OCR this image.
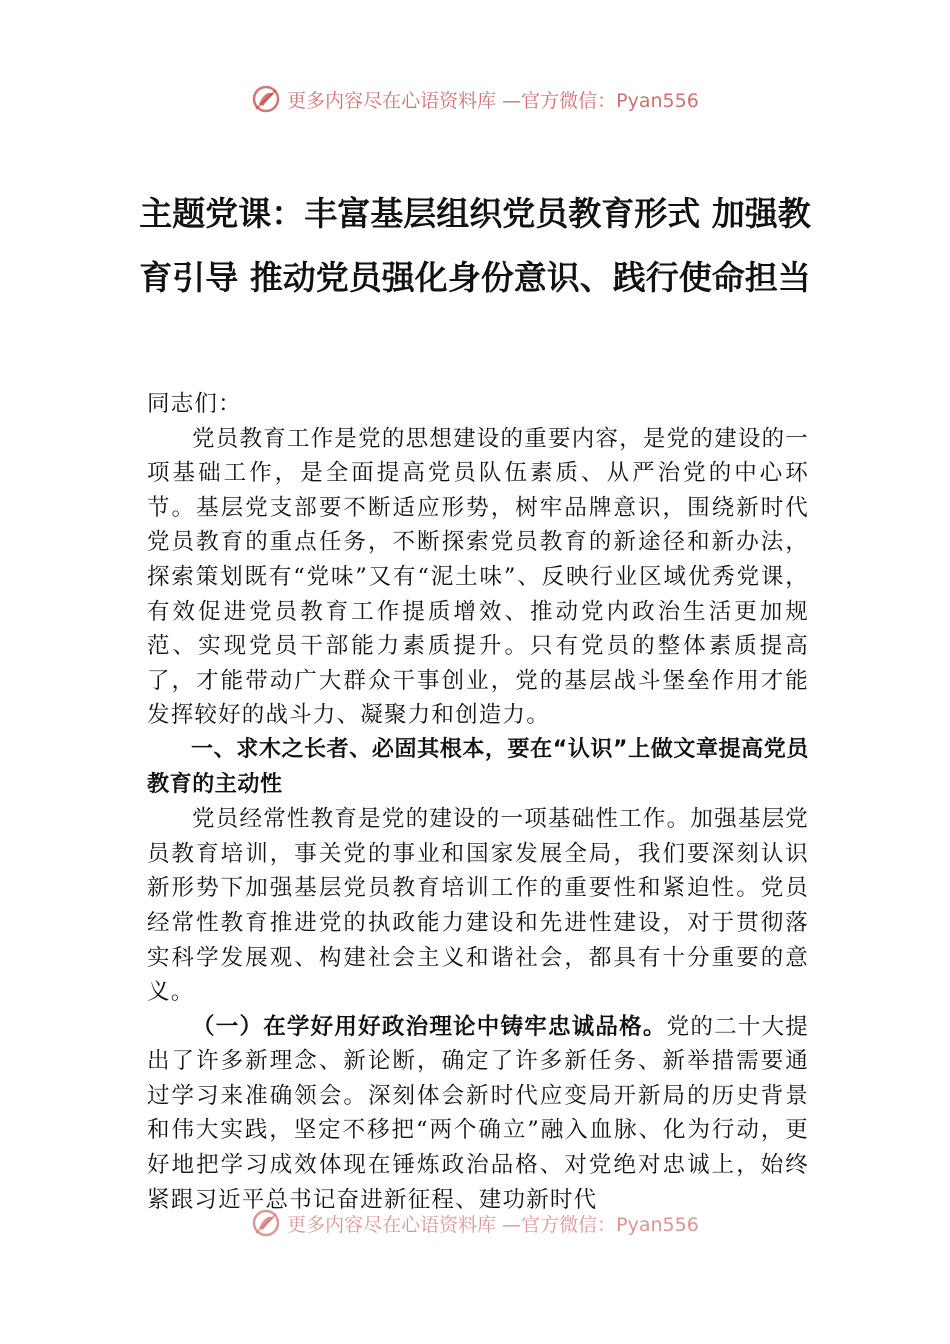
更多内容尽在心语资料库 —官方微信：Pyan556
主题党课：丰富基层组织党员教育形式 加强教育引导 推动党员强化身份意识、践行使命担当

同志们：

党员教育工作是党的思想建设的重要内容，是党的建设的一项基础工作，是全面提高党员队伍素质、从严治党的中心环节。基层党支部要不断适应形势，树牢品牌意识，围绕新时代党员教育的重点任务，不断探索党员教育的新途径和新办法，探索策划既有“党味”又有“泥土味”、反映行业区域优秀党课，有效促进党员教育工作提质增效、推动党内政治生活更加规范、实现党员干部能力素质提升。只有党员的整体素质提高了，才能带动广大群众干事创业，党的基层战斗堡垒作用才能发挥较好的战斗力、凝聚力和创造力。

一、求木之长者、必固其根本，要在“认识”上做文章提高党员教育的主动性

党员经常性教育是党的建设的一项基础性工作。加强基层党员教育培训，事关党的事业和国家发展全局，我们要深刻认识新形势下加强基层党员教育培训工作的重要性和紧迫性。党员经常性教育推进党的执政能力建设和先进性建设，对于贯彻落实科学发展观、构建社会主义和谐社会，都具有十分重要的意义。

（一）在学好用好政治理论中铸牢忠诚品格。党的二十大提出了许多新理念、新论断，确定了许多新任务、新举措需要通过学习来准确领会。深刻体会新时代应变局开新局的历史背景和伟大实践，坚定不移把“两个确立”融入血脉、化为行动，更好地把学习成效体现在锤炼政治品格、对党绝对忠诚上，始终紧跟习近平总书记奋进新征程、建功新时代

更多内容尽在心语资料库 —官方微信：Pyan556
